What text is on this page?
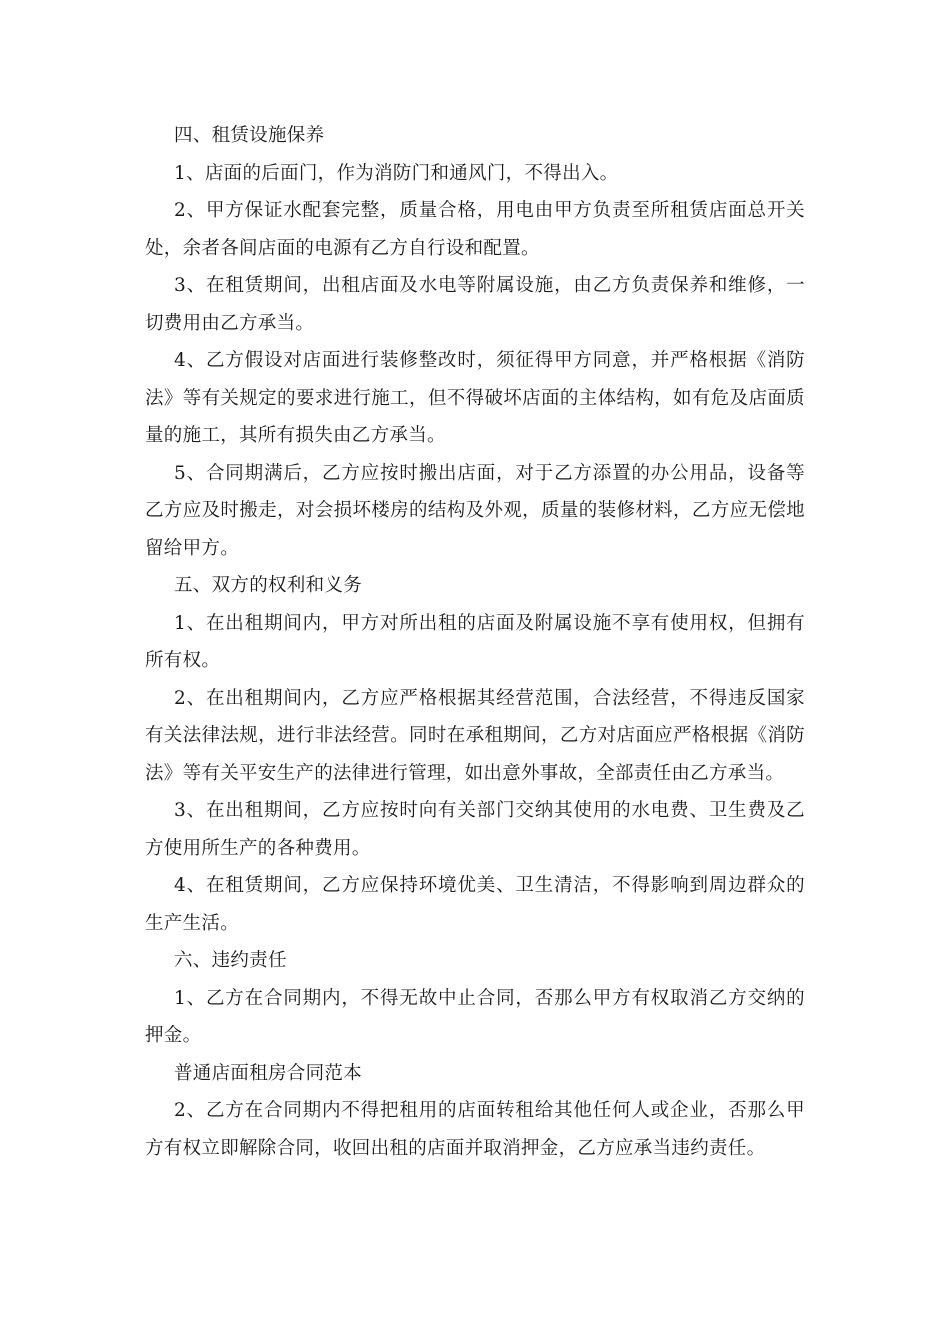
四、租赁设施保养

1、店面的后面门，作为消防门和通风门，不得出入。

2、甲方保证水配套完整，质量合格，用电由甲方负责至所租赁店面总开关处，余者各间店面的电源有乙方自行设和配置。

3、在租赁期间，出租店面及水电等附属设施，由乙方负责保养和维修，一切费用由乙方承当。

4、乙方假设对店面进行装修整改时，须征得甲方同意，并严格根据《消防法》等有关规定的要求进行施工，但不得破坏店面的主体结构，如有危及店面质量的施工，其所有损失由乙方承当。

5、合同期满后，乙方应按时搬出店面，对于乙方添置的办公用品，设备等乙方应及时搬走，对会损坏楼房的结构及外观，质量的装修材料，乙方应无偿地留给甲方。

五、双方的权利和义务

1、在出租期间内，甲方对所出租的店面及附属设施不享有使用权，但拥有所有权。

2、在出租期间内，乙方应严格根据其经营范围，合法经营，不得违反国家有关法律法规，进行非法经营。同时在承租期间，乙方对店面应严格根据《消防法》等有关平安生产的法律进行管理，如出意外事故，全部责任由乙方承当。

3、在出租期间，乙方应按时向有关部门交纳其使用的水电费、卫生费及乙方使用所生产的各种费用。

4、在租赁期间，乙方应保持环境优美、卫生清洁，不得影响到周边群众的生产生活。

六、违约责任

1、乙方在合同期内，不得无故中止合同，否那么甲方有权取消乙方交纳的押金。

普通店面租房合同范本

2、乙方在合同期内不得把租用的店面转租给其他任何人或企业，否那么甲方有权立即解除合同，收回出租的店面并取消押金，乙方应承当违约责任。
